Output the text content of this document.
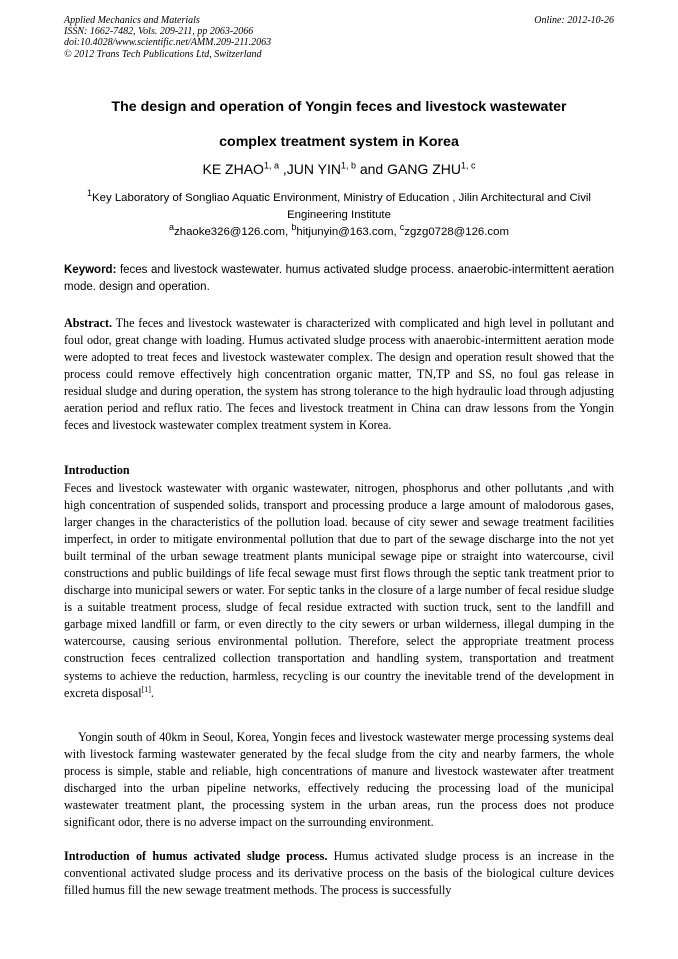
Applied Mechanics and Materials
ISSN: 1662-7482, Vols. 209-211, pp 2063-2066
doi:10.4028/www.scientific.net/AMM.209-211.2063
© 2012 Trans Tech Publications Ltd, Switzerland
Online: 2012-10-26
The design and operation of Yongin feces and livestock wastewater
complex treatment system in Korea
KE ZHAO$^{1, a}$ ,JUN YIN$^{1, b}$ and GANG ZHU$^{1, c}$
$^1$Key Laboratory of Songliao Aquatic Environment, Ministry of Education , Jilin Architectural and Civil Engineering Institute
$^a$zhaoke326@126.com, $^b$hitjunyin@163.com, $^c$zgzg0728@126.com
Keyword: feces and livestock wastewater. humus activated sludge process. anaerobic-intermittent aeration mode. design and operation.
Abstract. The feces and livestock wastewater is characterized with complicated and high level in pollutant and foul odor, great change with loading. Humus activated sludge process with anaerobic-intermittent aeration mode were adopted to treat feces and livestock wastewater complex. The design and operation result showed that the process could remove effectively high concentration organic matter, TN,TP and SS, no foul gas release in residual sludge and during operation, the system has strong tolerance to the high hydraulic load through adjusting aeration period and reflux ratio. The feces and livestock treatment in China can draw lessons from the Yongin feces and livestock wastewater complex treatment system in Korea.
Introduction
Feces and livestock wastewater with organic wastewater, nitrogen, phosphorus and other pollutants ,and with high concentration of suspended solids, transport and processing produce a large amount of malodorous gases, larger changes in the characteristics of the pollution load. because of city sewer and sewage treatment facilities imperfect, in order to mitigate environmental pollution that due to part of the sewage discharge into the not yet built terminal of the urban sewage treatment plants municipal sewage pipe or straight into watercourse, civil constructions and public buildings of life fecal sewage must first flows through the septic tank treatment prior to discharge into municipal sewers or water. For septic tanks in the closure of a large number of fecal residue sludge is a suitable treatment process, sludge of fecal residue extracted with suction truck, sent to the landfill and garbage mixed landfill or farm, or even directly to the city sewers or urban wilderness, illegal dumping in the watercourse, causing serious environmental pollution. Therefore, select the appropriate treatment process construction feces centralized collection transportation and handling system, transportation and treatment systems to achieve the reduction, harmless, recycling is our country the inevitable trend of the development in excreta disposal[1].
Yongin south of 40km in Seoul, Korea, Yongin feces and livestock wastewater merge processing systems deal with livestock farming wastewater generated by the fecal sludge from the city and nearby farmers, the whole process is simple, stable and reliable, high concentrations of manure and livestock wastewater after treatment discharged into the urban pipeline networks, effectively reducing the processing load of the municipal wastewater treatment plant, the processing system in the urban areas, run the process does not produce significant odor, there is no adverse impact on the surrounding environment.
Introduction of humus activated sludge process. Humus activated sludge process is an increase in the conventional activated sludge process and its derivative process on the basis of the biological culture devices filled humus fill the new sewage treatment methods. The process is successfully
